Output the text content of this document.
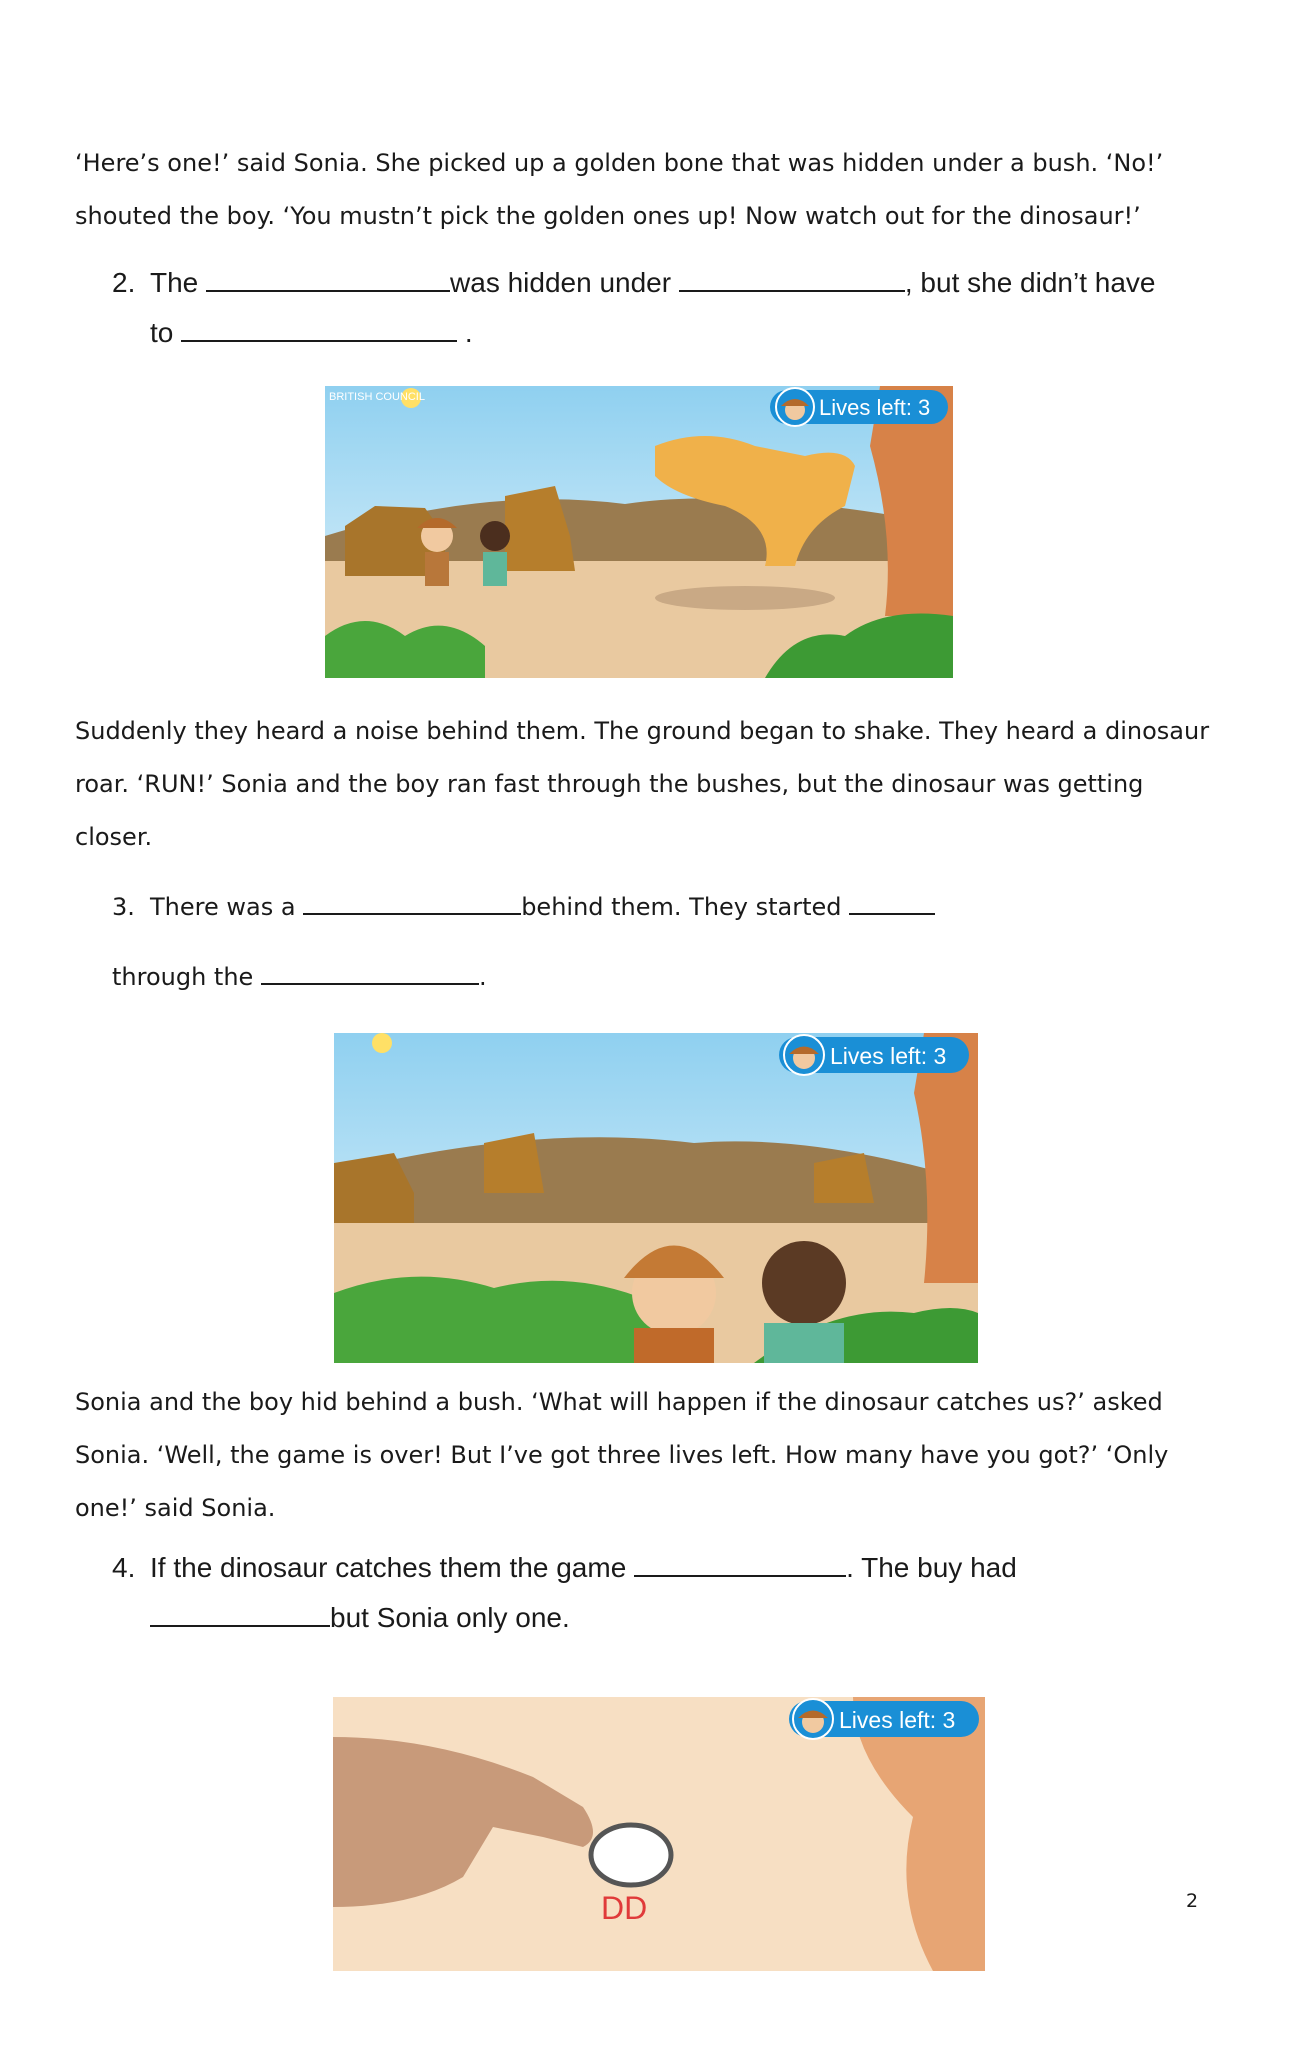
‘Here’s one!’ said Sonia. She picked up a golden bone that was hidden under a bush. ‘No!’ shouted the boy. ‘You mustn’t pick the golden ones up! Now watch out for the dinosaur!’

2. The	was hidden under	, but she didn’t have
to	.
BRITISH COUNCIL	Lives left: 3

Suddenly they heard a noise behind them. The ground began to shake. They heard a dinosaur roar. ‘RUN!’ Sonia and the boy ran fast through the bushes, but the dinosaur was getting closer.

3. There was a	behind them. They started
through the	.
Lives left: 3

Sonia and the boy hid behind a bush. ‘What will happen if the dinosaur catches us?’ asked Sonia. ‘Well, the game is over! But I’ve got three lives left. How many have you got?’ ‘Only one!’ said Sonia.

4. If the dinosaur catches them the game	. The buy had
but Sonia only one.
DD
Lives left: 3
2
